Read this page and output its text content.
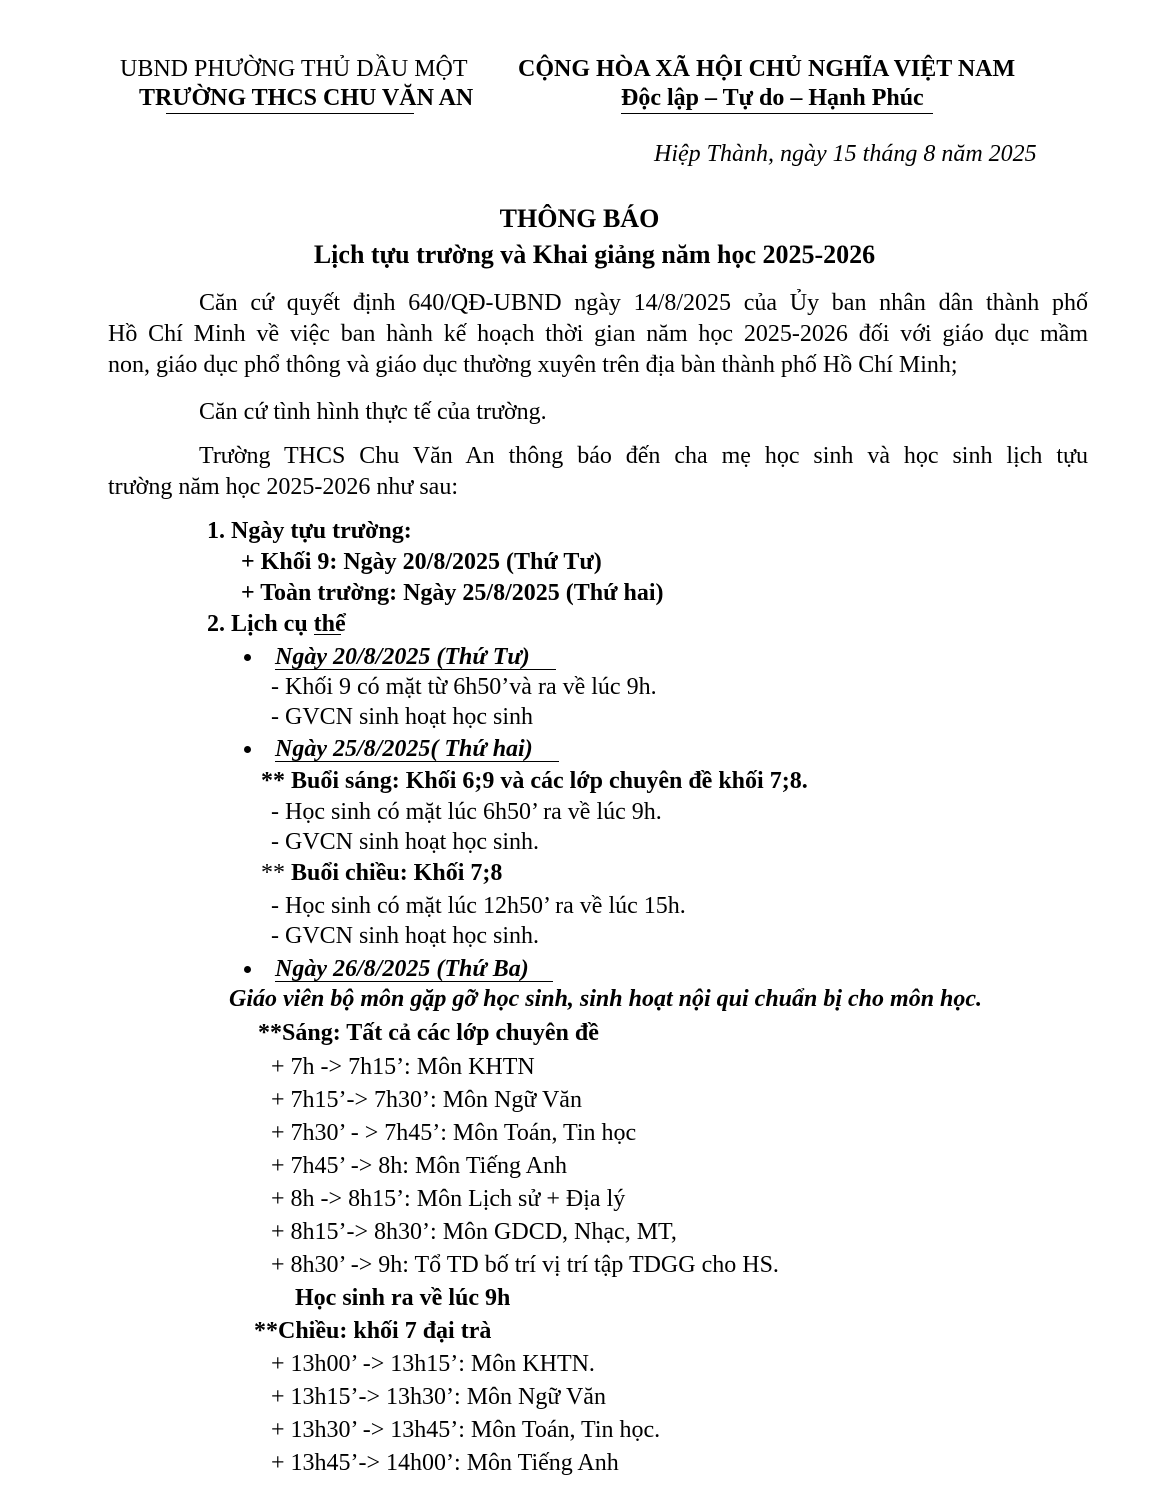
UBND PHƯỜNG THỦ DẦU MỘT
TRƯỜNG THCS CHU VĂN AN
CỘNG HÒA XÃ HỘI CHỦ NGHĨA VIỆT NAM
Độc lập – Tự do – Hạnh Phúc
Hiệp Thành, ngày 15 tháng 8 năm 2025
THÔNG BÁO
Lịch tựu trường và Khai giảng năm học 2025-2026
Căn cứ quyết định 640/QĐ-UBND ngày 14/8/2025 của Ủy ban nhân dân thành phố
Hồ Chí Minh về việc ban hành kế hoạch thời gian năm học 2025-2026 đối với giáo dục mầm
non, giáo dục phổ thông và giáo dục thường xuyên trên địa bàn thành phố Hồ Chí Minh;
Căn cứ tình hình thực tế của trường.
Trường THCS Chu Văn An thông báo đến cha mẹ học sinh và học sinh lịch tựu
trường năm học 2025-2026 như sau:
1. Ngày tựu trường:
+ Khối 9: Ngày 20/8/2025 (Thứ Tư)
+ Toàn trường: Ngày 25/8/2025 (Thứ hai)
2. Lịch cụ thể
Ngày 20/8/2025 (Thứ Tư)
- Khối 9 có mặt từ 6h50’và ra về lúc 9h.
- GVCN sinh hoạt học sinh
Ngày 25/8/2025( Thứ hai)
** Buổi sáng: Khối 6;9 và các lớp chuyên đề khối 7;8.
- Học sinh có mặt lúc 6h50’ ra về lúc 9h.
- GVCN sinh hoạt học sinh.
** Buổi chiều: Khối 7;8
- Học sinh có mặt lúc 12h50’ ra về lúc 15h.
- GVCN sinh hoạt học sinh.
Ngày 26/8/2025 (Thứ Ba)
Giáo viên bộ môn gặp gỡ học sinh, sinh hoạt nội qui chuẩn bị cho môn học.
**Sáng: Tất cả các lớp chuyên đề
+ 7h -> 7h15’: Môn KHTN
+ 7h15’-> 7h30’: Môn Ngữ Văn
+ 7h30’ - > 7h45’: Môn Toán, Tin học
+ 7h45’ -> 8h: Môn Tiếng Anh
+ 8h -> 8h15’: Môn Lịch sử + Địa lý
+ 8h15’-> 8h30’: Môn GDCD, Nhạc, MT,
+ 8h30’ -> 9h: Tổ TD bố trí vị trí tập TDGG cho HS.
Học sinh ra về lúc 9h
**Chiều: khối 7 đại trà
+ 13h00’ -> 13h15’: Môn KHTN.
+ 13h15’-> 13h30’: Môn Ngữ Văn
+ 13h30’ -> 13h45’: Môn Toán, Tin học.
+ 13h45’-> 14h00’: Môn Tiếng Anh
